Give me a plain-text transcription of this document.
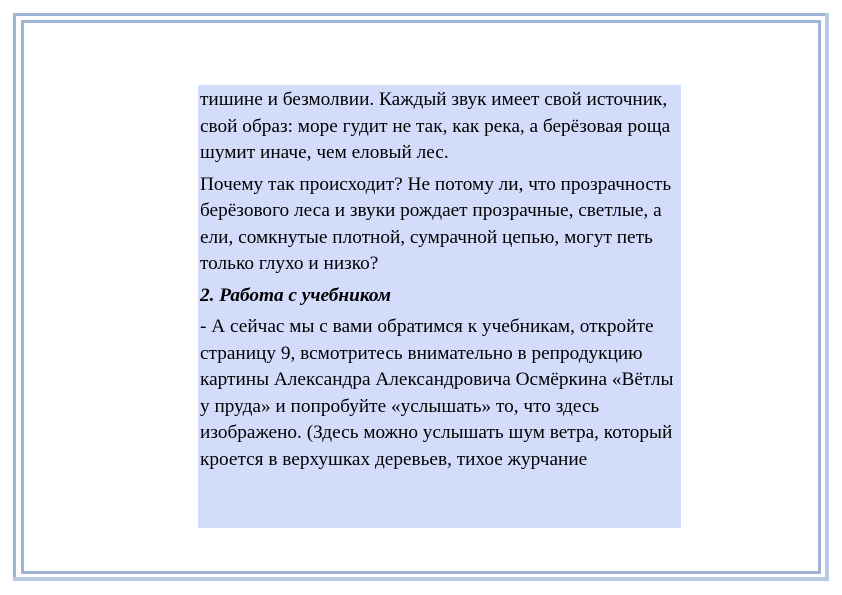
тишине и безмолвии. Каждый звук имеет свой источник, свой образ: море гудит не так, как река, а берёзовая роща шумит иначе, чем еловый лес.

Почему так происходит? Не потому ли, что прозрачность берёзового леса и звуки рождает прозрачные, светлые, а ели, сомкнутые плотной, сумрачной цепью, могут петь только глухо и низко?

2. Работа с учебником

- А сейчас мы с вами обратимся к учебникам, откройте страницу 9, всмотритесь внимательно в репродукцию картины Александра Александровича Осмёркина «Вётлы у пруда» и попробуйте «услышать» то, что здесь изображено. (Здесь можно услышать шум ветра, который кроется в верхушках деревьев, тихое журчание
